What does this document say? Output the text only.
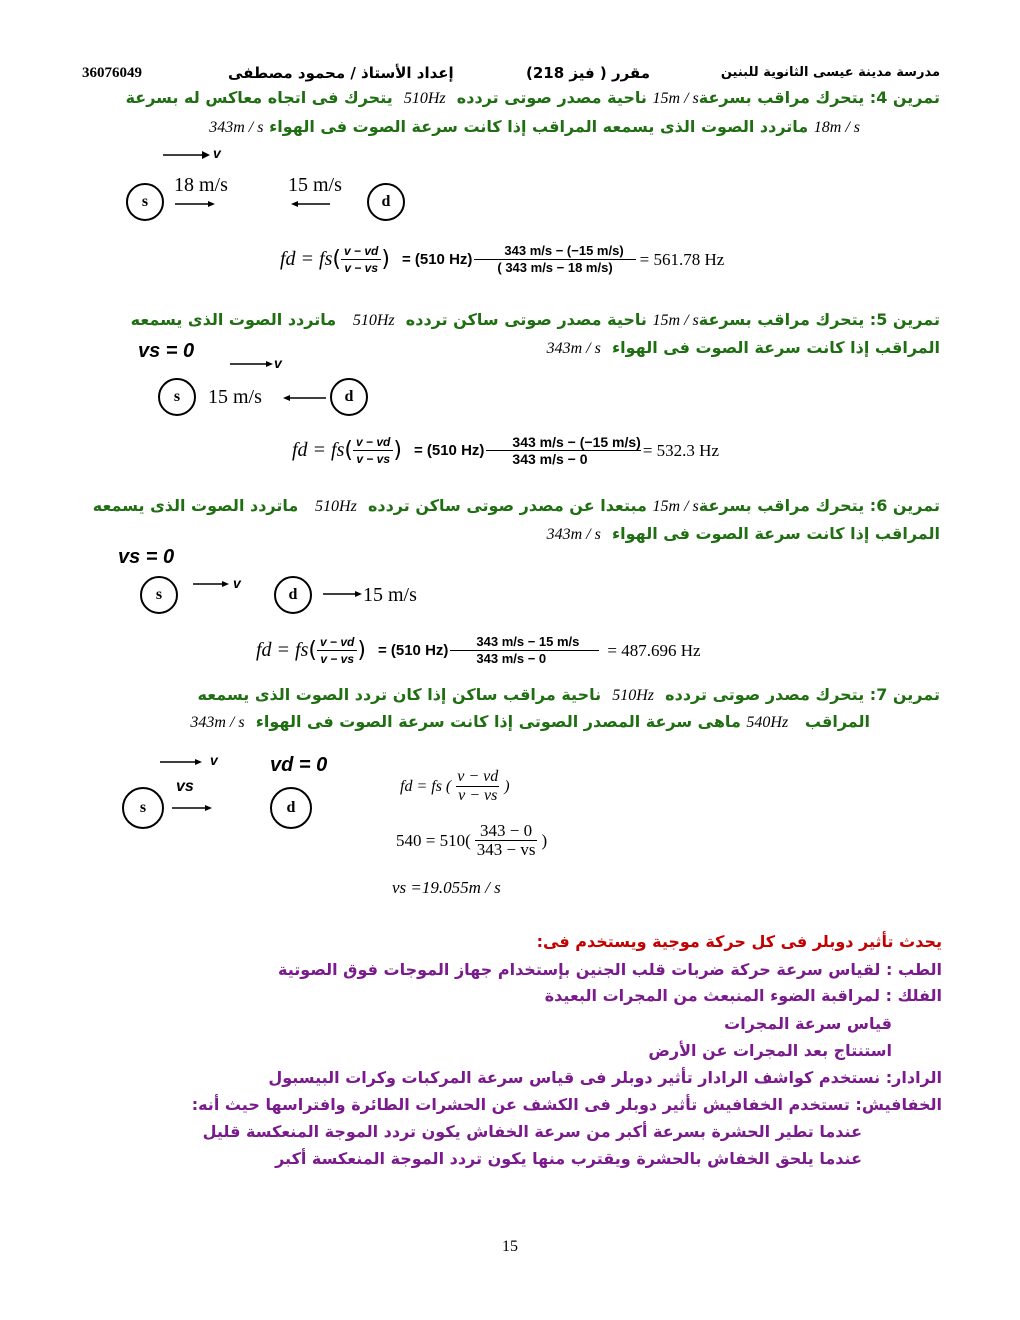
36076049	إعداد الأستاذ / محمود مصطفى	مقرر ( فيز 218)	مدرسة مدينة عيسى الثانوية للبنين
تمرين 4: يتحرك مراقب بسرعة15m / s ناحية مصدر صوتى تردده  510Hz  يتحرك فى اتجاه معاكس له بسرعة
18m / s ماتردد الصوت الذى يسمعه المراقب إذا كانت سرعة الصوت فى الهواء 343m / s
v
s	d
18 m/s	15 m/s
fd = fs ( $\frac{v - vd}{v - vs}$ ) = (510 $Hz) \frac{343 m/s - (-15 m/s)}{( 343 m/s - 18 m/s)} = 561.78$ Hz
تمرين 5: يتحرك مراقب بسرعة15m / s ناحية مصدر صوتى ساكن تردده  510Hz   ماتردد الصوت الذى يسمعه
المراقب إذا كانت سرعة الصوت فى الهواء  343m / s
vs = 0
v
s	d
15 m/s
fd = fs ( $\frac{v - vd}{v - vs}$ ) = (510 $Hz) \frac{343 m/s - (-15 m/s)}{343 m/s - 0} = 532.3$ Hz
تمرين 6: يتحرك مراقب بسرعة15m / s مبتعدا عن مصدر صوتى ساكن تردده  510Hz   ماتردد الصوت الذى يسمعه
المراقب إذا كانت سرعة الصوت فى الهواء  343m / s
vs = 0
v
s	d	15 m/s
fd = fs ( $\frac{v - vd}{v - vs}$ ) = (510 $Hz) \frac{343 m/s - 15 m/s}{343 m/s - 0} = 487.696$ Hz
تمرين 7: يتحرك مصدر صوتى تردده  510Hz  ناحية مراقب ساكن إذا كان تردد الصوت الذى يسمعه
المراقب   540Hz ماهى سرعة المصدر الصوتى إذا كانت سرعة الصوت فى الهواء  343m / s
v	vd = 0
vs
s	d
fd = fs ( $\frac{v - vd}{v - vs}$ )
$540 = 510( \frac{343 - 0}{343 - vs}$ )
vs =19.055m / s
يحدث تأثير دوبلر فى كل حركة موجية ويستخدم فى:
الطب : لقياس سرعة حركة ضربات قلب الجنين بإستخدام جهاز الموجات فوق الصوتية
الفلك : لمراقبة الضوء المنبعث من المجرات البعيدة
قياس سرعة المجرات
استنتاج بعد المجرات عن الأرض
الرادار: نستخدم كواشف الرادار تأثير دوبلر فى قياس سرعة المركبات وكرات البيسبول
الخفافيش: تستخدم الخفافيش تأثير دوبلر فى الكشف عن الحشرات الطائرة وافتراسها حيث أنه:
عندما تطير الحشرة بسرعة أكبر من سرعة الخفاش يكون تردد الموجة المنعكسة قليل
عندما يلحق الخفاش بالحشرة ويقترب منها يكون تردد الموجة المنعكسة أكبر
15
